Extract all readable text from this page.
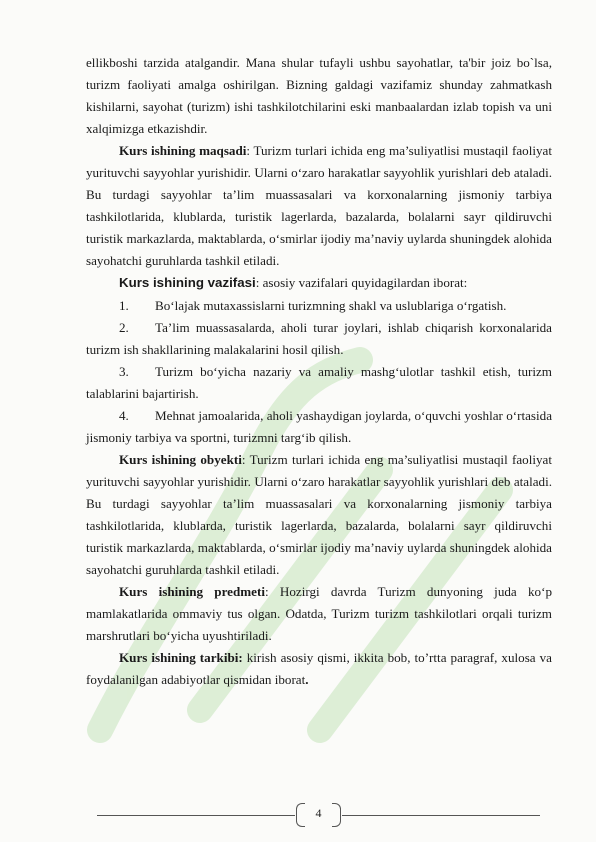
ellikboshi tarzida atalgandir. Mana shular tufayli ushbu sayohatlar, ta'bir joiz bo`lsa, turizm faoliyati amalga oshirilgan. Bizning galdagi vazifamiz shunday zahmatkash kishilarni, sayohat (turizm) ishi tashkilotchilarini eski manbaalardan izlab topish va uni xalqimizga etkazishdir.

Kurs ishining maqsadi: Turizm turlari ichida eng ma’suliyatlisi mustaqil faoliyat yurituvchi sayyohlar yurishidir. Ularni o‘zaro harakatlar sayyohlik yurishlari deb ataladi. Bu turdagi sayyohlar ta’lim muassasalari va korxonalarning jismoniy tarbiya tashkilotlarida, klublarda, turistik lagerlarda, bazalarda, bolalarni sayr qildiruvchi turistik markazlarda, maktablarda, o‘smirlar ijodiy ma’naviy uylarda shuningdek alohida sayohatchi guruhlarda tashkil etiladi.

Kurs ishining vazifasi: asosiy vazifalari quyidagilardan iborat:

1. Bo‘lajak mutaxassislarni turizmning shakl va uslublariga o‘rgatish.

2. Ta’lim muassasalarda, aholi turar joylari, ishlab chiqarish korxonalarida turizm ish shakllarining malakalarini hosil qilish.

3. Turizm bo‘yicha nazariy va amaliy mashg‘ulotlar tashkil etish, turizm talablarini bajartirish.

4. Mehnat jamoalarida, aholi yashaydigan joylarda, o‘quvchi yoshlar o‘rtasida jismoniy tarbiya va sportni, turizmni targ‘ib qilish.

Kurs ishining obyekti: Turizm turlari ichida eng ma’suliyatlisi mustaqil faoliyat yurituvchi sayyohlar yurishidir. Ularni o‘zaro harakatlar sayyohlik yurishlari deb ataladi. Bu turdagi sayyohlar ta’lim muassasalari va korxonalarning jismoniy tarbiya tashkilotlarida, klublarda, turistik lagerlarda, bazalarda, bolalarni sayr qildiruvchi turistik markazlarda, maktablarda, o‘smirlar ijodiy ma’naviy uylarda shuningdek alohida sayohatchi guruhlarda tashkil etiladi.

Kurs ishining predmeti: Hozirgi davrda Turizm dunyoning juda ko‘p mamlakatlarida ommaviy tus olgan. Odatda, Turizm turizm tashkilotlari orqali turizm marshrutlari bo‘yicha uyushtiriladi.

Kurs ishining tarkibi: kirish asosiy qismi, ikkita bob, to’rtta paragraf, xulosa va foydalanilgan adabiyotlar qismidan iborat.

4
